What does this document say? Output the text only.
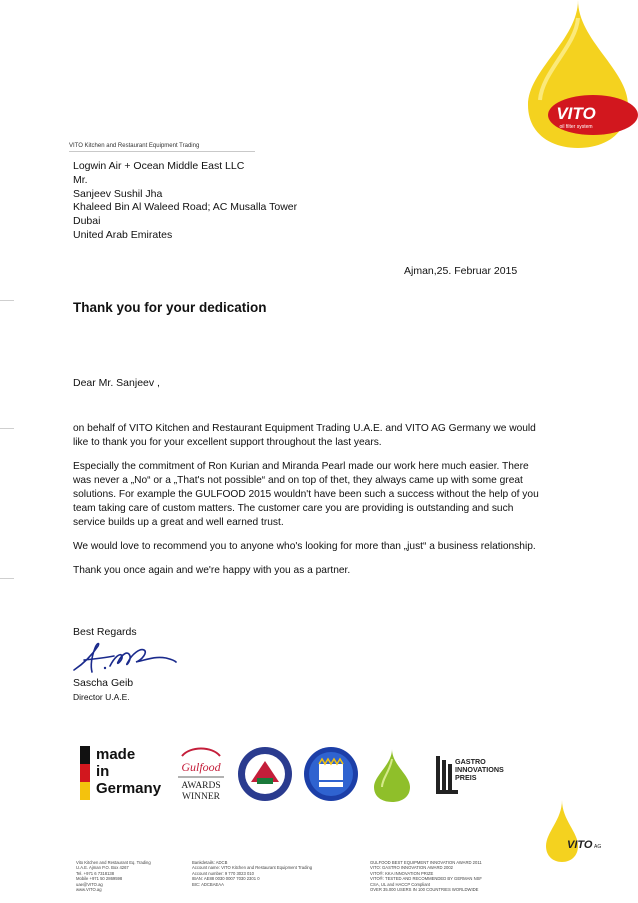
VITO
oil filter system
VITO Kitchen and Restaurant Equipment Trading
Logwin Air + Ocean Middle East LLC
Mr.
Sanjeev Sushil Jha
Khaleed Bin Al Waleed Road; AC Musalla Tower
Dubai
United Arab Emirates
Ajman,25. Februar 2015
Thank you for your dedication
Dear Mr. Sanjeev ,

on behalf of VITO Kitchen and Restaurant Equipment Trading U.A.E. and VITO AG Germany we would like to thank you for your excellent support throughout the last years.

Especially the commitment of Ron Kurian and Miranda Pearl made our work here much easier. There was never a „No“ or a „That's not possible“ and on top of thet, they always came up with some great solutions. For example the GULFOOD 2015 wouldn't have been such a success without the help of you team taking care of custom matters. The customer care you are providing is outstanding and such service builds up a great and well earned trust.

We would love to recommend you to anyone who's looking for more than „just“ a business relationship.

Thank you once again and we're happy with you as a partner.

Best Regards
Sascha Geib
Director U.A.E.
made
in
Germany
Gulfood
AWARDS
WINNER
GASTRO
INNOVATIONS
PREIS
VITO AG
Vito Kitchen and Restaurant Eq. Trading
U.A.E. Ajman P.O. Box 4267
Tel. +971 6 7318138
Mobile +971 50 2869598
uae@VITO.ag
www.VITO.ag
Bankdetails: ADCB
Account name: VITO Kitchen and Restaurant Equipment Trading
Account number: 9 770 3023 010
IBAN: AE88 0030 0007 7030 2301 0
BIC: ADCBAEAA
GULFOOD BEST EQUIPMENT INNOVATION AWARD 2011
VITO: GASTRO INNOVATION AWARD 2002
VITO®: KKA INNOVATION PRIZE
VITO®: TESTED AND RECOMMENDED BY GERMAN NSF
CSA, UL and HACCP Compliant
OVER 35.000 USERS IN 100 COUNTRIES WORLDWIDE
